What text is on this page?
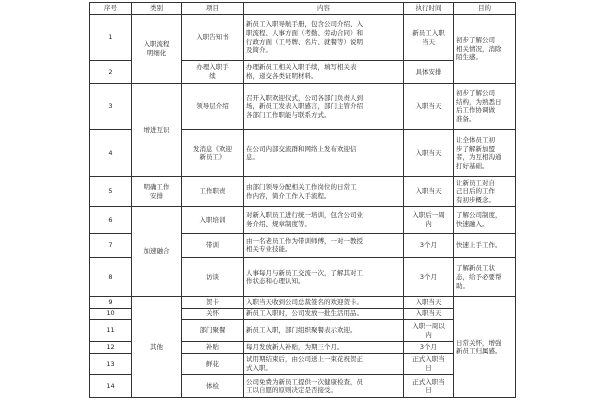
序号	类别	项目	内容	执行时间	目的
1	入职流程
明细化	入职告知书	新员工入职导航手册，包含公司介绍、入
职流程、人事方面（考勤、劳动合同）和
行政方面（工号牌、名片、就餐等）说明
及简介。	新员工入职
当天	初步了解公司
相关情况，消除
陌生感。
2		办理入职手
续	办理新员工相关入职手续，填写相关表
格，递交各类证明材料。	具体安排	
3	增进互识	领导层介绍	召开入职欢迎仪式，公司各部门负责人到
场，新员工发表入职感言，部门主管介绍
各部门工作职能与联系方式。	入职当天	初步了解公司
结构，为熟悉日
后工作协调做
准备。
4		发消息《欢迎
新员工》	在公司内部交流群和网络上发布欢迎信
息。	入职当天	让全体员工初
步了解新加盟
者，为互相沟通
打好基础。
5	明确工作
安排	工作职责	由部门领导分配相关工作岗位的日常工
作内容，简介工作入手流程。	入职当天	让新员工对自
己日后的工作
有初步概念。
6	加速融合	入职培训	对新入职员工进行统一培训，包含公司业
务介绍、规章制度等。	入职后一周
内	了解公司制度，
快速融入。
7		带训	由一名老员工作为带训师傅，一对一教授
相关专业技能。	3个月	快速上手工作。
8		访谈	人事每月与新员工交流一次，了解其对工
作状态和心理认知。	3个月	了解新员工状
态，给予必要帮
助。
9	其他	贺卡	入职当天收到公司总裁签名的欢迎贺卡。	入职当天	日常关怀，增强
新员工归属感。
10		关怀	新员工入职时，公司发放一批生活用品。	入职当天	
11		部门聚餐	新员工入职，部门组织聚餐表示欢迎。	入职一周以
内	
12		补贴	每月发放新人补贴，为期三个月。	3个月	
13		鲜花	试用期结束后，由公司送上一束花祝贺正
式入职。	正式入职当
日	
14		体检	公司免费为新员工提供一次健康检查，员
工以自愿的原则决定是否接受。	正式入职当
日	
